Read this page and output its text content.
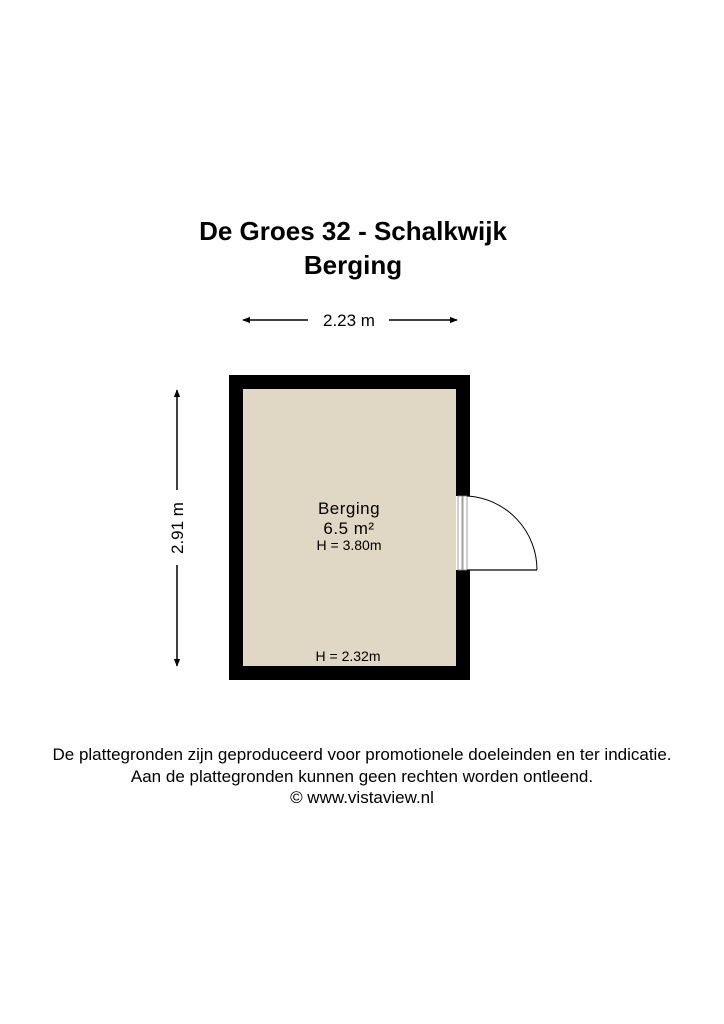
De Groes 32 - Schalkwijk
Berging
2.23 m
2.91 m	Berging
6.5 m²
H = 3.80m
H = 2.32m
De plattegronden zijn geproduceerd voor promotionele doeleinden en ter indicatie.
Aan de plattegronden kunnen geen rechten worden ontleend.
© www.vistaview.nl
